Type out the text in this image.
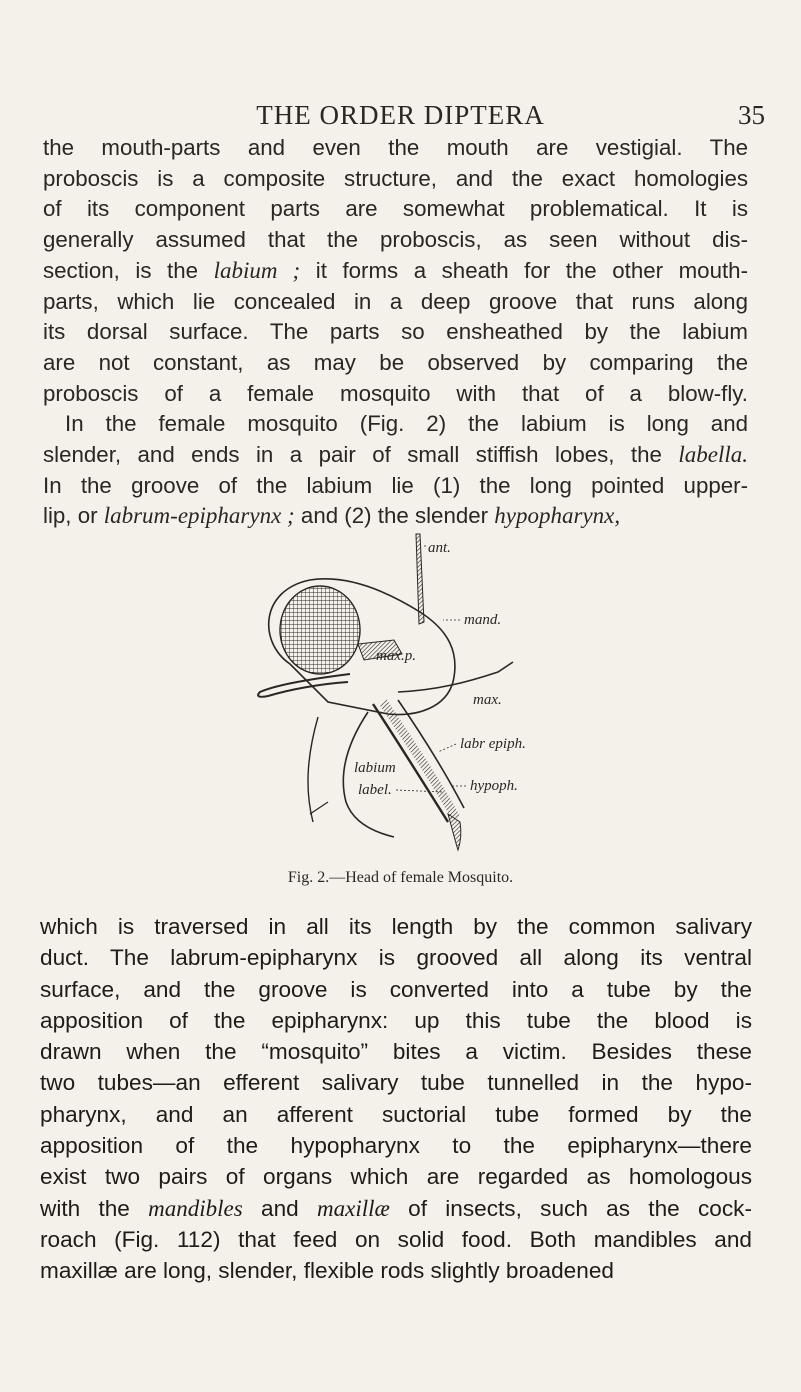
THE ORDER DIPTERA	35
the mouth-parts and even the mouth are vestigial. The
proboscis is a composite structure, and the exact homologies
of its component parts are somewhat problematical. It is
generally assumed that the proboscis, as seen without dis-
section, is the labium ; it forms a sheath for the other mouth-
parts, which lie concealed in a deep groove that runs along
its dorsal surface. The parts so ensheathed by the labium
are not constant, as may be observed by comparing the
proboscis of a female mosquito with that of a blow-fly.
In the female mosquito (Fig. 2) the labium is long and
slender, and ends in a pair of small stiffish lobes, the labella.
In the groove of the labium lie (1) the long pointed upper-
lip, or labrum-epipharynx ; and (2) the slender hypopharynx,
ant.
mand.
max.p.
max.
labr epiph.
hypoph.
labium
label.
Fig. 2.—Head of female Mosquito.
which is traversed in all its length by the common salivary
duct. The labrum-epipharynx is grooved all along its ventral
surface, and the groove is converted into a tube by the
apposition of the epipharynx: up this tube the blood is
drawn when the “mosquito” bites a victim. Besides these
two tubes—an efferent salivary tube tunnelled in the hypo-
pharynx, and an afferent suctorial tube formed by the
apposition of the hypopharynx to the epipharynx—there
exist two pairs of organs which are regarded as homologous
with the mandibles and maxillæ of insects, such as the cock-
roach (Fig. 112) that feed on solid food. Both mandibles and
maxillæ are long, slender, flexible rods slightly broadened
